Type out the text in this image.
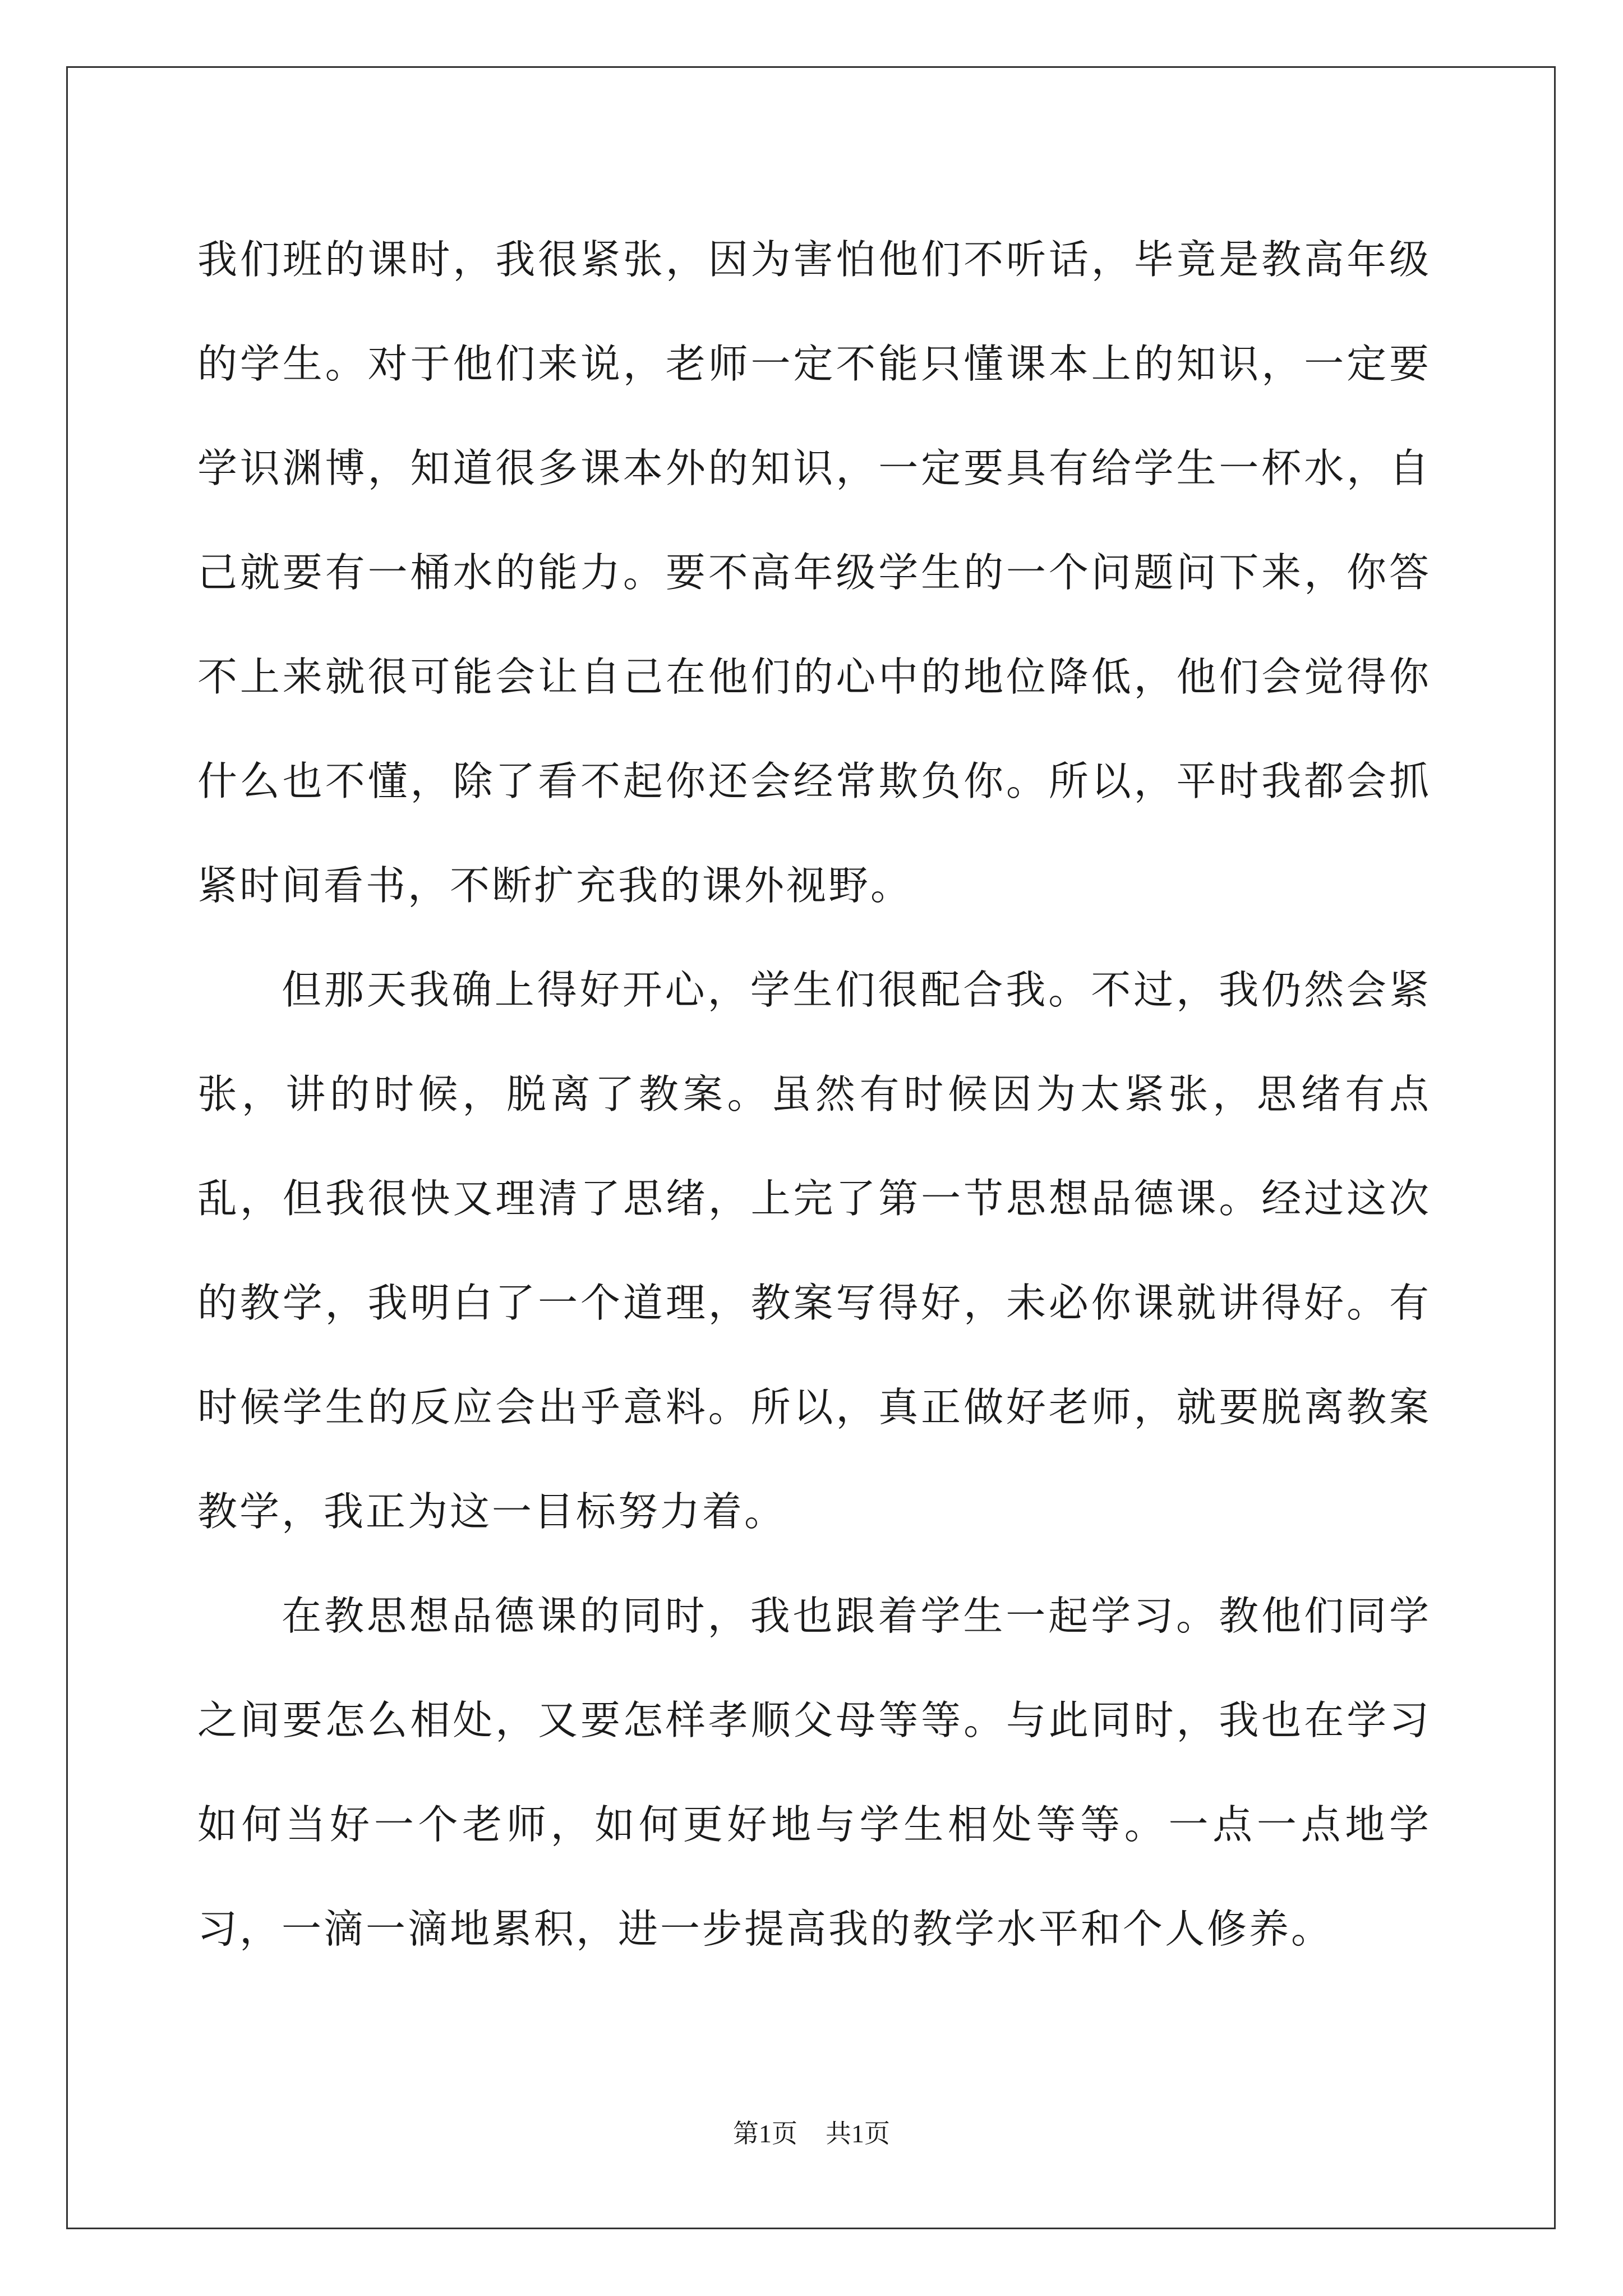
我们班的课时，我很紧张，因为害怕他们不听话，毕竟是教高年级的学生。对于他们来说，老师一定不能只懂课本上的知识，一定要学识渊博，知道很多课本外的知识，一定要具有给学生一杯水，自己就要有一桶水的能力。要不高年级学生的一个问题问下来，你答不上来就很可能会让自己在他们的心中的地位降低，他们会觉得你什么也不懂，除了看不起你还会经常欺负你。所以，平时我都会抓紧时间看书，不断扩充我的课外视野。

但那天我确上得好开心，学生们很配合我。不过，我仍然会紧张，讲的时候，脱离了教案。虽然有时候因为太紧张，思绪有点乱，但我很快又理清了思绪，上完了第一节思想品德课。经过这次的教学，我明白了一个道理，教案写得好，未必你课就讲得好。有时候学生的反应会出乎意料。所以，真正做好老师，就要脱离教案教学，我正为这一目标努力着。

在教思想品德课的同时，我也跟着学生一起学习。教他们同学之间要怎么相处，又要怎样孝顺父母等等。与此同时，我也在学习如何当好一个老师，如何更好地与学生相处等等。一点一点地学习，一滴一滴地累积，进一步提高我的教学水平和个人修养。

第1页 共1页
